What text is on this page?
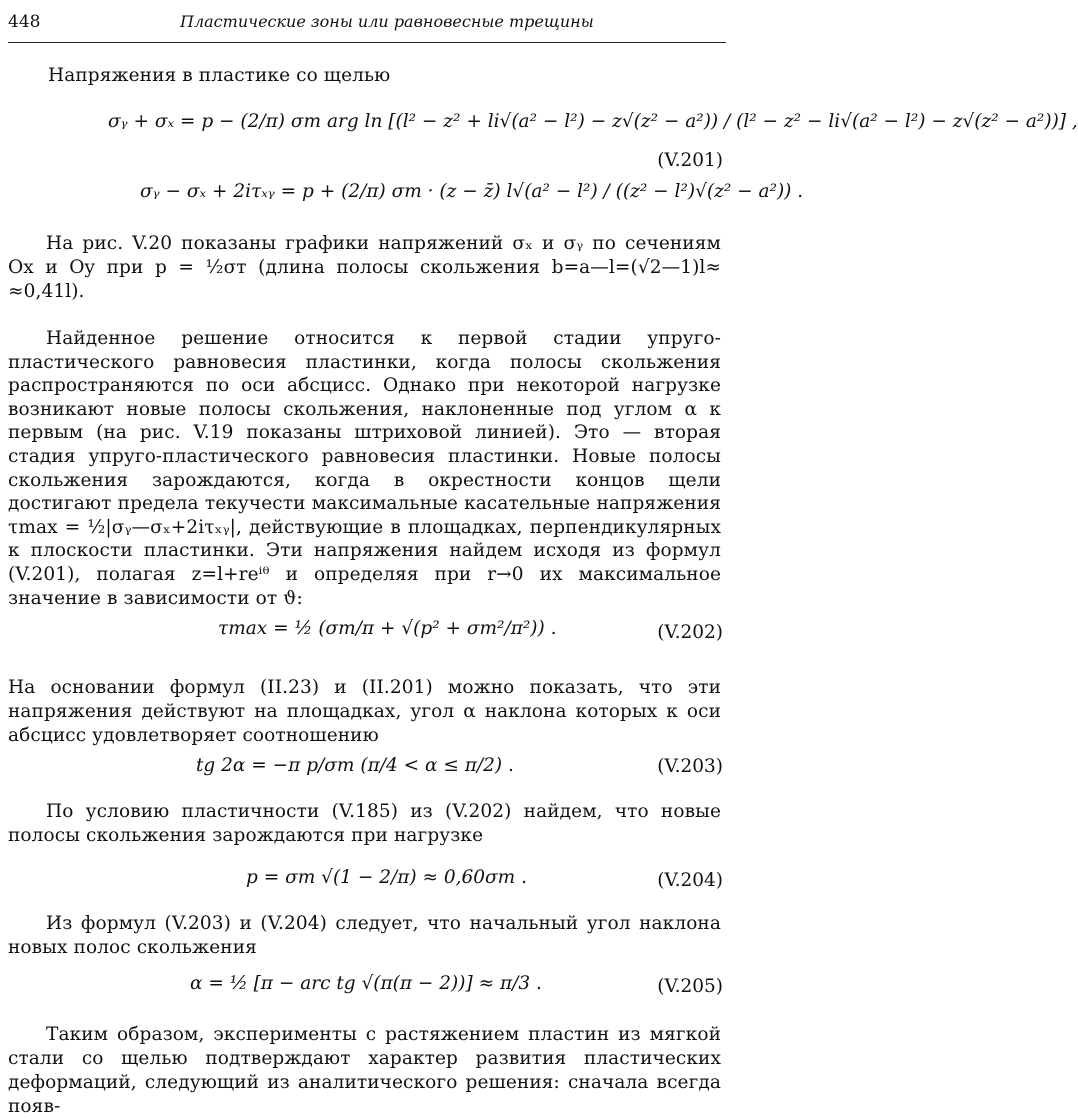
448	Пластические зоны или равновесные трещины
Напряжения в пластике со щелью
σᵧ + σₓ = p − (2/π) σт arg ln [(l² − z² + li√(a² − l²) − z√(z² − a²)) / (l² − z² − li√(a² − l²) − z√(z² − a²))] ,
σᵧ − σₓ + 2iτₓᵧ = p + (2/π) σт · (z − z̄) l√(a² − l²) / ((z² − l²)√(z² − a²)) .
(V.201)
На рис. V.20 показаны графики напряжений σₓ и σᵧ по сечениям Ox и Oy при p = ½σт (длина полосы скольжения b=a—l=(√2—1)l≈ ≈0,41l).
Найденное решение относится к первой стадии упруго-пластического равновесия пластинки, когда полосы скольжения распространяются по оси абсцисс. Однако при некоторой нагрузке возникают новые полосы скольжения, наклоненные под углом α к первым (на рис. V.19 показаны штриховой линией). Это — вторая стадия упруго-пластического равновесия пластинки. Новые полосы скольжения зарождаются, когда в окрестности концов щели достигают предела текучести максимальные касательные напряжения τmax = ½|σᵧ—σₓ+2iτₓᵧ|, действующие в площадках, перпендикулярных к плоскости пластинки. Эти напряжения найдем исходя из формул (V.201), полагая z=l+reⁱᶿ и определяя при r→0 их максимальное значение в зависимости от ϑ:
τmax = ½ (σт/π + √(p² + σт²/π²)) .	(V.202)
На основании формул (II.23) и (II.201) можно показать, что эти напряжения действуют на площадках, угол α наклона которых к оси абсцисс удовлетворяет соотношению
tg 2α = −π p/σт (π/4 < α ≤ π/2) .	(V.203)
По условию пластичности (V.185) из (V.202) найдем, что новые полосы скольжения зарождаются при нагрузке
p = σт √(1 − 2/π) ≈ 0,60σт .	(V.204)
Из формул (V.203) и (V.204) следует, что начальный угол наклона новых полос скольжения
α = ½ [π − arc tg √(π(π − 2))] ≈ π/3 .	(V.205)
Таким образом, эксперименты с растяжением пластин из мягкой стали со щелью подтверждают характер развития пластических деформаций, следующий из аналитического решения: сначала всегда появ-
